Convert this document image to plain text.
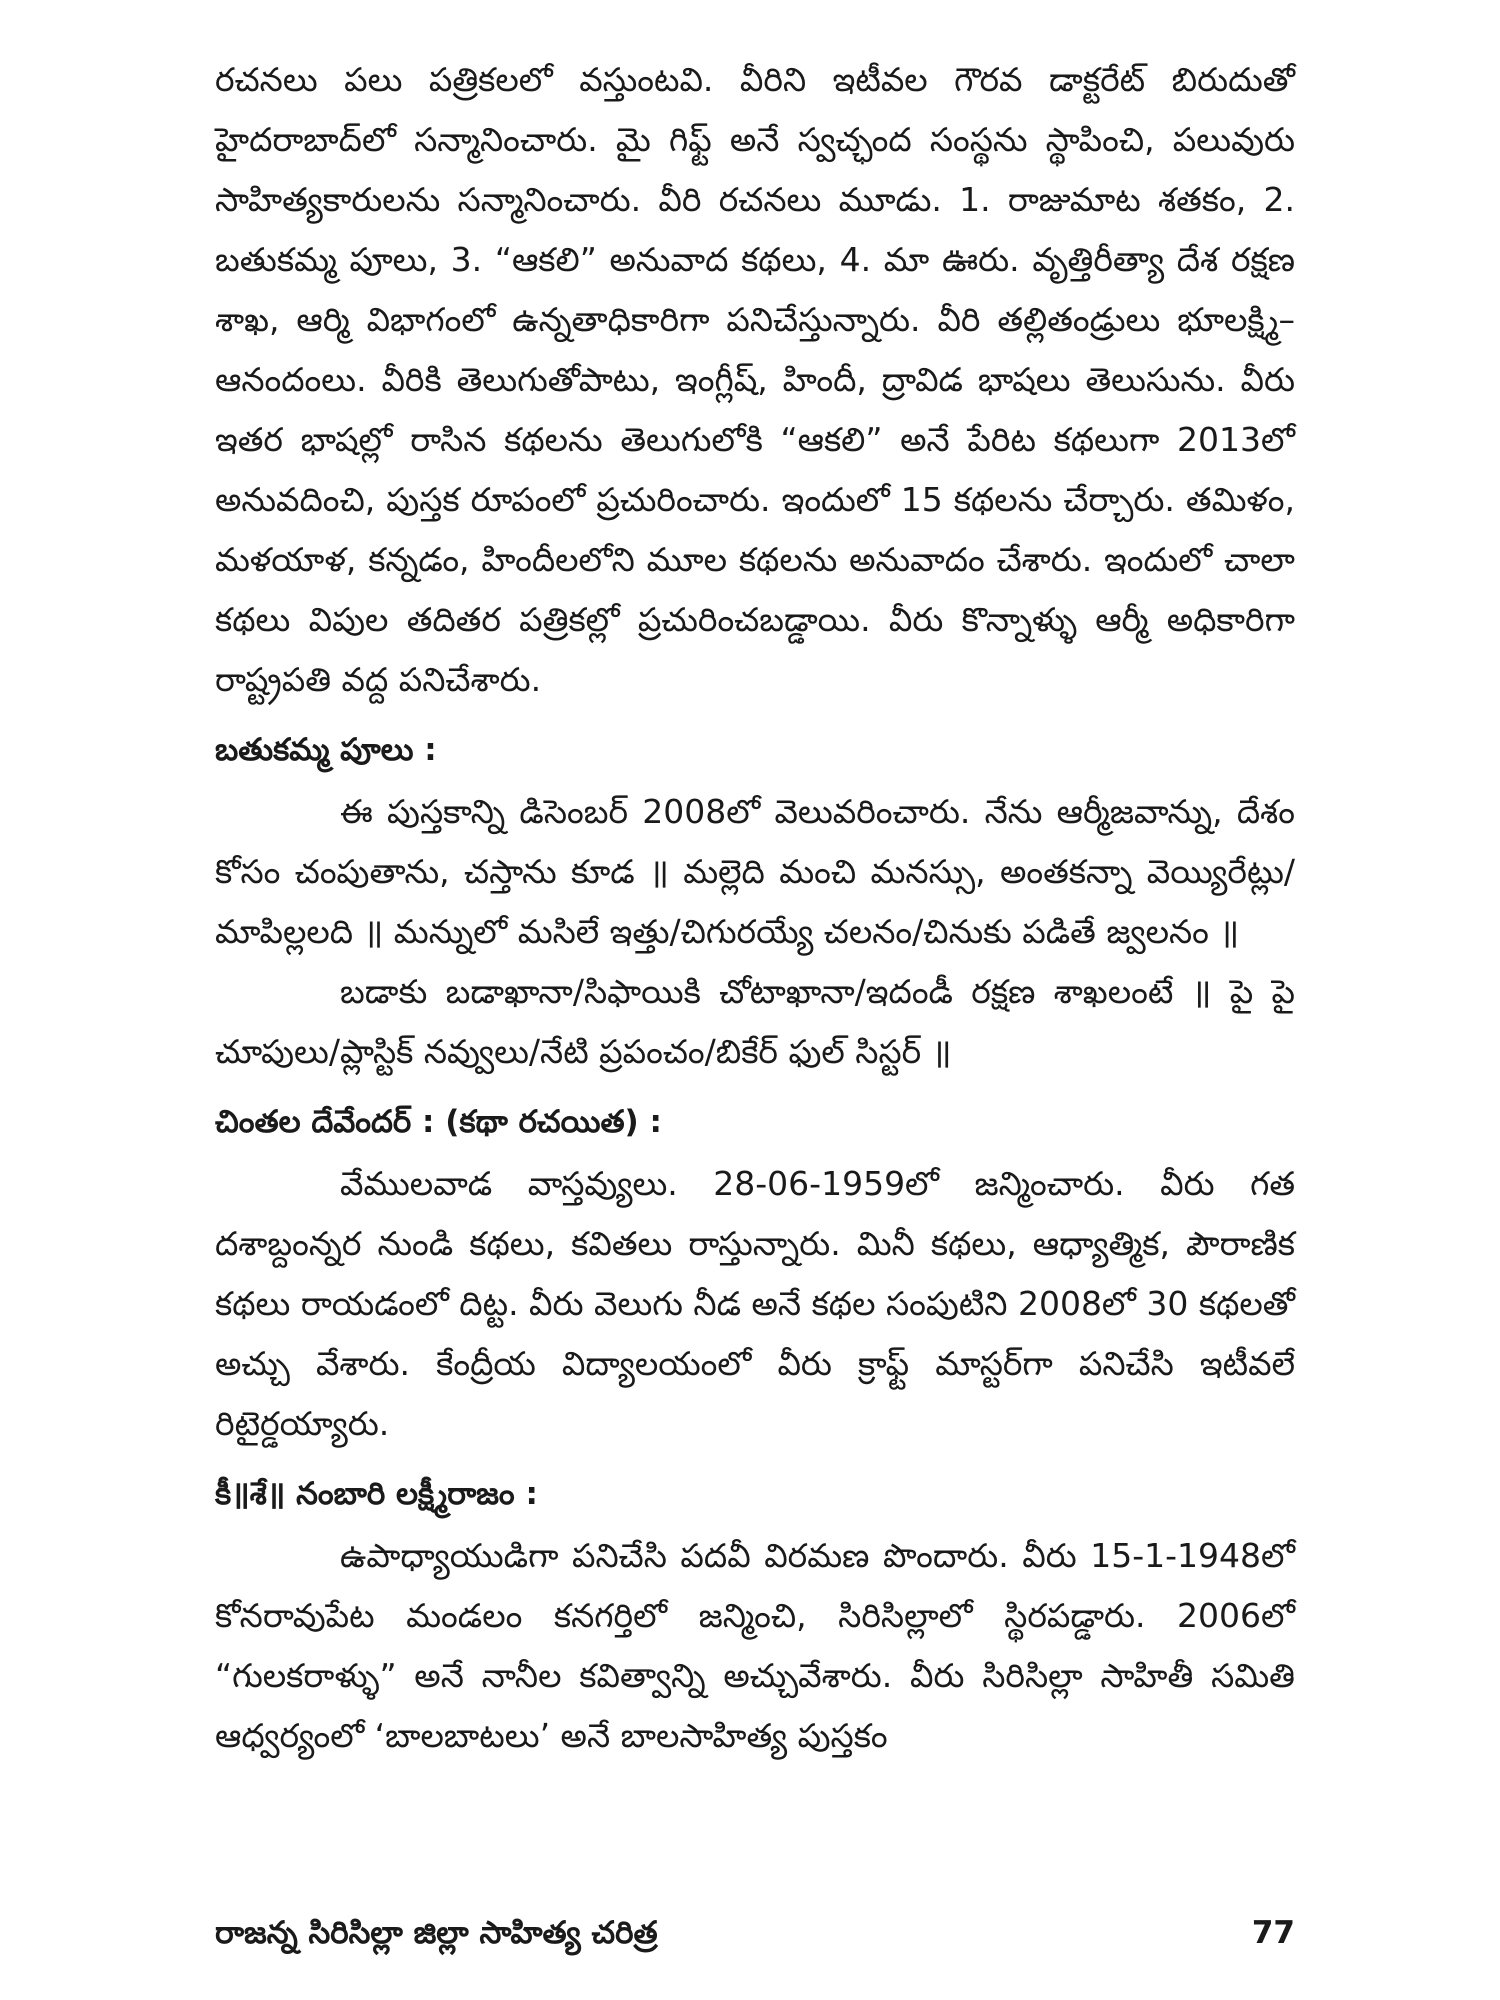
రచనలు పలు పత్రికలలో వస్తుంటవి. వీరిని ఇటీవల గౌరవ డాక్టరేట్ బిరుదుతో హైదరాబాద్‌లో సన్మానించారు. మై గిఫ్ట్ అనే స్వచ్ఛంద సంస్థను స్థాపించి, పలువురు సాహిత్యకారులను సన్మానించారు. వీరి రచనలు మూడు. 1. రాజుమాట శతకం, 2. బతుకమ్మ పూలు, 3. “ఆకలి” అనువాద కథలు, 4. మా ఊరు. వృత్తిరీత్యా దేశ రక్షణ శాఖ, ఆర్మి విభాగంలో ఉన్నతాధికారిగా పనిచేస్తున్నారు. వీరి తల్లితండ్రులు భూలక్ష్మి–ఆనందంలు. వీరికి తెలుగుతోపాటు, ఇంగ్లీష్, హిందీ, ద్రావిడ భాషలు తెలుసును. వీరు ఇతర భాషల్లో రాసిన కథలను తెలుగులోకి “ఆకలి” అనే పేరిట కథలుగా 2013లో అనువదించి, పుస్తక రూపంలో ప్రచురించారు. ఇందులో 15 కథలను చేర్చారు. తమిళం, మళయాళ, కన్నడం, హిందీలలోని మూల కథలను అనువాదం చేశారు. ఇందులో చాలా కథలు విపుల తదితర పత్రికల్లో ప్రచురించబడ్డాయి. వీరు కొన్నాళ్ళు ఆర్మీ అధికారిగా రాష్ట్రపతి వద్ద పనిచేశారు.

బతుకమ్మ పూలు :

ఈ పుస్తకాన్ని డిసెంబర్ 2008లో వెలువరించారు. నేను ఆర్మీజవాన్ను, దేశం కోసం చంపుతాను, చస్తాను కూడ ॥ మల్లెది మంచి మనస్సు, అంతకన్నా వెయ్యిరేట్లు/మాపిల్లలది ॥ మన్నులో మసిలే ఇత్తు/చిగురయ్యే చలనం/చినుకు పడితే జ్వలనం ॥

బడాకు బడాఖానా/సిఫాయికి చోటాఖానా/ఇదండీ రక్షణ శాఖలంటే ॥ పై పై చూపులు/ప్లాస్టిక్ నవ్వులు/నేటి ప్రపంచం/బికేర్ ఫుల్ సిస్టర్ ॥

చింతల దేవేందర్ : (కథా రచయిత) :

వేములవాడ వాస్తవ్యులు. 28-06-1959లో జన్మించారు. వీరు గత దశాబ్దంన్నర నుండి కథలు, కవితలు రాస్తున్నారు. మినీ కథలు, ఆధ్యాత్మిక, పౌరాణిక కథలు రాయడంలో దిట్ట. వీరు వెలుగు నీడ అనే కథల సంపుటిని 2008లో 30 కథలతో అచ్చు వేశారు. కేంద్రీయ విద్యాలయంలో వీరు క్రాఫ్ట్ మాస్టర్‌గా పనిచేసి ఇటీవలే రిటైర్డయ్యారు.

కీ॥శే॥ నంబారి లక్ష్మీరాజం :

ఉపాధ్యాయుడిగా పనిచేసి పదవీ విరమణ పొందారు. వీరు 15-1-1948లో కోనరావుపేట మండలం కనగర్తిలో జన్మించి, సిరిసిల్లాలో స్థిరపడ్డారు. 2006లో “గులకరాళ్ళు” అనే నానీల కవిత్వాన్ని అచ్చువేశారు. వీరు సిరిసిల్లా సాహితీ సమితి ఆధ్వర్యంలో ‘బాలబాటలు’ అనే బాలసాహిత్య పుస్తకం

రాజన్న సిరిసిల్లా జిల్లా సాహిత్య చరిత్ర	77
